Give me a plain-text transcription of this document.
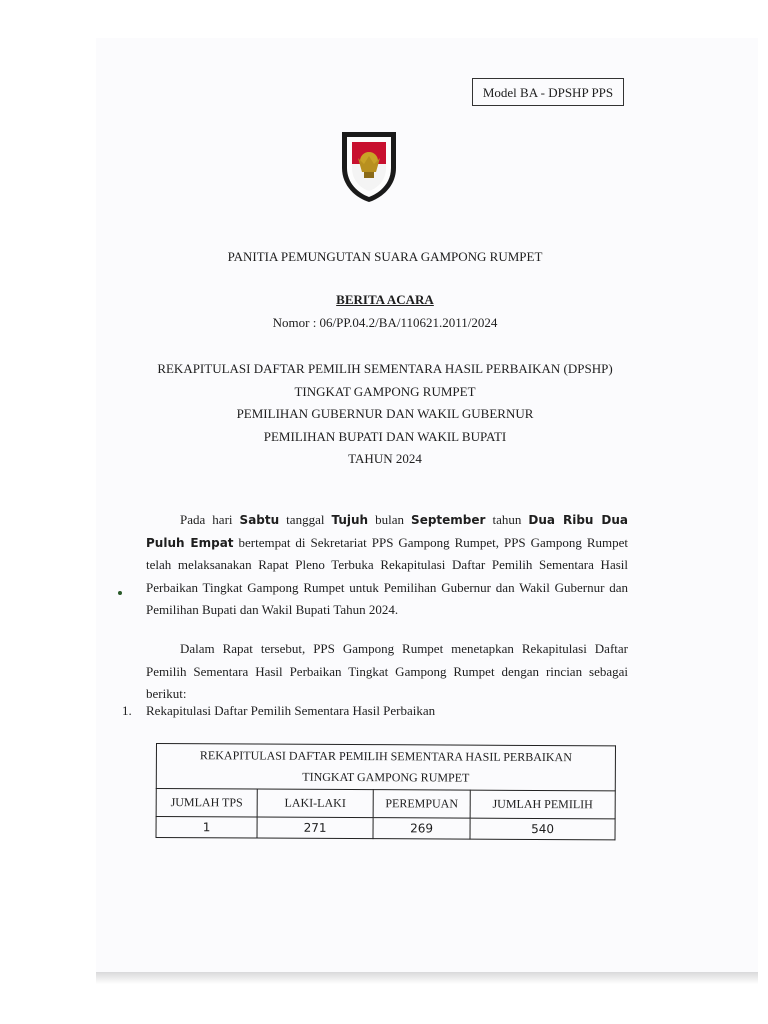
Model BA - DPSHP PPS
PANITIA PEMUNGUTAN SUARA GAMPONG RUMPET
BERITA ACARA
Nomor : 06/PP.04.2/BA/110621.2011/2024
REKAPITULASI DAFTAR PEMILIH SEMENTARA HASIL PERBAIKAN (DPSHP)
TINGKAT GAMPONG RUMPET
PEMILIHAN GUBERNUR DAN WAKIL GUBERNUR
PEMILIHAN BUPATI DAN WAKIL BUPATI
TAHUN 2024

Pada hari Sabtu tanggal Tujuh bulan September tahun Dua Ribu Dua Puluh Empat bertempat di Sekretariat PPS Gampong Rumpet, PPS Gampong Rumpet telah melaksanakan Rapat Pleno Terbuka Rekapitulasi Daftar Pemilih Sementara Hasil Perbaikan Tingkat Gampong Rumpet untuk Pemilihan Gubernur dan Wakil Gubernur dan Pemilihan Bupati dan Wakil Bupati Tahun 2024.

Dalam Rapat tersebut, PPS Gampong Rumpet menetapkan Rekapitulasi Daftar Pemilih Sementara Hasil Perbaikan Tingkat Gampong Rumpet dengan rincian sebagai berikut:

1. Rekapitulasi Daftar Pemilih Sementara Hasil Perbaikan
REKAPITULASI DAFTAR PEMILIH SEMENTARA HASIL PERBAIKAN
TINGKAT GAMPONG RUMPET			

JUMLAH TPS	LAKI-LAKI	PEREMPUAN	JUMLAH PEMILIH
1	271	269	540
